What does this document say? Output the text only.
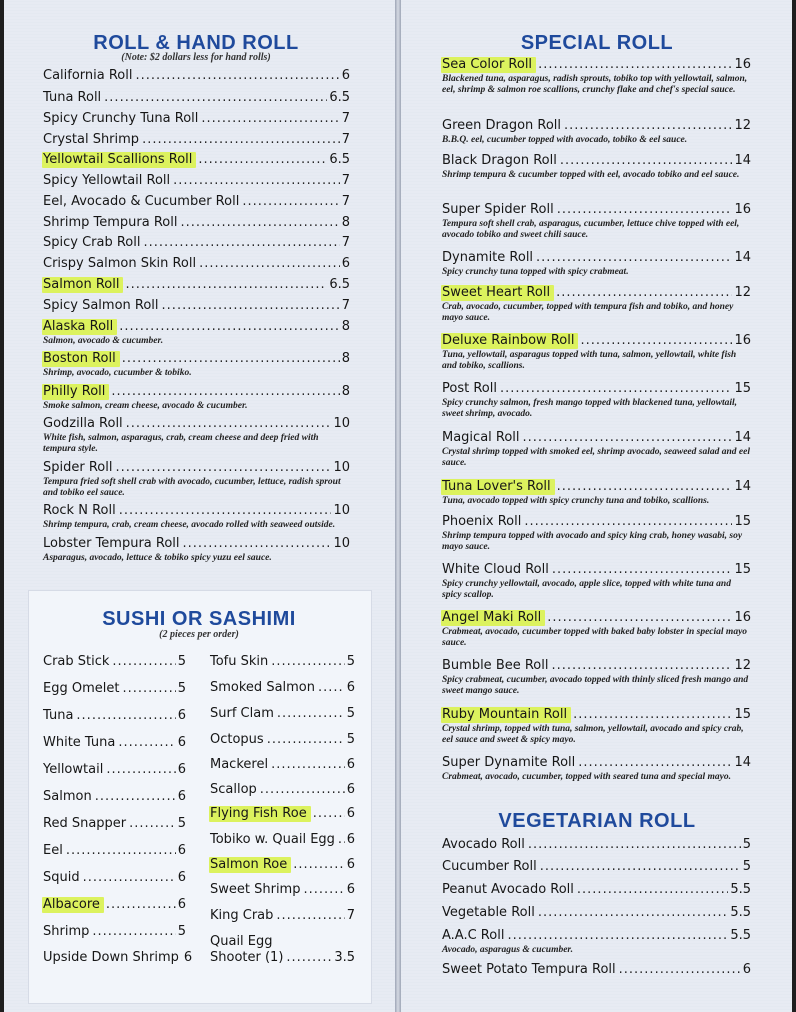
ROLL & HAND ROLL
(Note: $2 dollars less for hand rolls)
SUSHI OR SASHIMI
(2 pieces per order)
SPECIAL ROLL
VEGETARIAN ROLL
California Roll .....	6
Tuna Roll .....	6.5
Spicy Crunchy Tuna Roll .....	7
Crystal Shrimp .....	7
Yellowtail Scallions Roll .....	6.5
Spicy Yellowtail Roll .....	7
Eel, Avocado & Cucumber Roll .....	7
Shrimp Tempura Roll .....	8
Spicy Crab Roll .....	7
Crispy Salmon Skin Roll .....	6
Salmon Roll .....	6.5
Spicy Salmon Roll .....	7
Alaska Roll .....	8
Salmon, avocado & cucumber.
Boston Roll .....	8
Shrimp, avocado, cucumber & tobiko.
Philly Roll .....	8
Smoke salmon, cream cheese, avocado & cucumber.
Godzilla Roll .....	10
White fish, salmon, asparagus, crab, cream cheese and deep fried with tempura style.
Spider Roll .....	10
Tempura fried soft shell crab with avocado, cucumber, lettuce, radish sprout and tobiko eel sauce.
Rock N Roll .....	10
Shrimp tempura, crab, cream cheese, avocado rolled with seaweed outside.
Lobster Tempura Roll .....	10
Asparagus, avocado, lettuce & tobiko spicy yuzu eel sauce.
Sea Color Roll .....	16
Blackened tuna, asparagus, radish sprouts, tobiko top with yellowtail, salmon, eel, shrimp & salmon roe scallions, crunchy flake and chef's special sauce.
Green Dragon Roll .....	12
B.B.Q. eel, cucumber topped with avocado, tobiko & eel sauce.
Black Dragon Roll .....	14
Shrimp tempura & cucumber topped with eel, avocado tobiko and eel sauce.
Super Spider Roll .....	16
Tempura soft shell crab, asparagus, cucumber, lettuce chive topped with eel, avocado tobiko and sweet chili sauce.
Dynamite Roll .....	14
Spicy crunchy tuna topped with spicy crabmeat.
Sweet Heart Roll .....	12
Crab, avocado, cucumber, topped with tempura fish and tobiko, and honey mayo sauce.
Deluxe Rainbow Roll .....	16
Tuna, yellowtail, asparagus topped with tuna, salmon, yellowtail, white fish and tobiko, scallions.
Post Roll .....	15
Spicy crunchy salmon, fresh mango topped with blackened tuna, yellowtail, sweet shrimp, avocado.
Magical Roll .....	14
Crystal shrimp topped with smoked eel, shrimp avocado, seaweed salad and eel sauce.
Tuna Lover's Roll .....	14
Tuna, avocado topped with spicy crunchy tuna and tobiko, scallions.
Phoenix Roll .....	15
Shrimp tempura topped with avocado and spicy king crab, honey wasabi, soy mayo sauce.
White Cloud Roll .....	15
Spicy crunchy yellowtail, avocado, apple slice, topped with white tuna and spicy scallop.
Angel Maki Roll .....	16
Crabmeat, avocado, cucumber topped with baked baby lobster in special mayo sauce.
Bumble Bee Roll .....	12
Spicy crabmeat, cucumber, avocado topped with thinly sliced fresh mango and sweet mango sauce.
Ruby Mountain Roll .....	15
Crystal shrimp, topped with tuna, salmon, yellowtail, avocado and spicy crab, eel sauce and sweet & spicy mayo.
Super Dynamite Roll .....	14
Crabmeat, avocado, cucumber, topped with seared tuna and special mayo.
Avocado Roll .....	5
Cucumber Roll .....	5
Peanut Avocado Roll .....	5.5
Vegetable Roll .....	5.5
A.A.C Roll .....	5.5
Avocado, asparagus & cucumber.
Sweet Potato Tempura Roll .....	6
Crab Stick .....	5
Egg Omelet .....	5
Tuna .....	6
White Tuna .....	6
Yellowtail .....	6
Salmon .....	6
Red Snapper .....	5
Eel .....	6
Squid .....	6
Albacore .....	6
Shrimp .....	5
Upside Down Shrimp 6
Tofu Skin .....	5
Smoked Salmon ..... 6
Surf Clam .....	5
Octopus .....	5
Mackerel .....	6
Scallop .....	6
Flying Fish Roe .....	6
Tobiko w. Quail Egg ..... 6
Salmon Roe .....	6
Sweet Shrimp .....	6
King Crab .....	7
Quail Egg
Shooter (1) .....	3.5
